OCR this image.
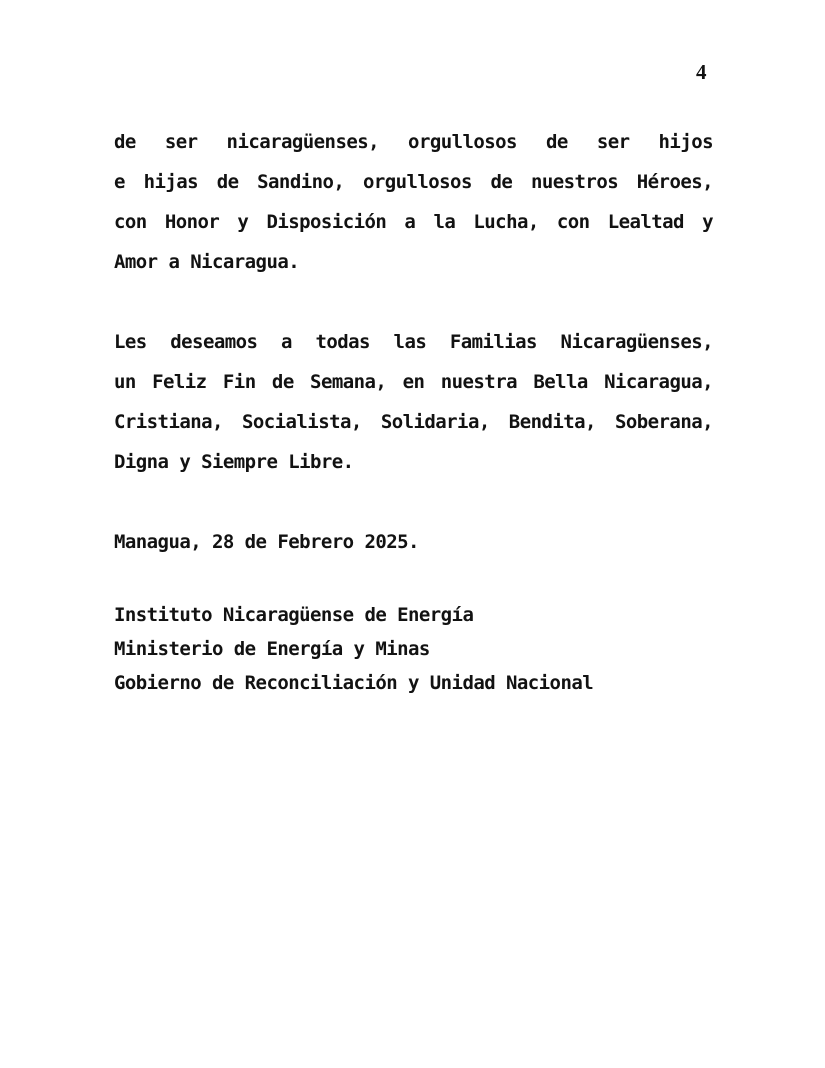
4
de ser nicaragüenses, orgullosos de ser hijos
e hijas de Sandino, orgullosos de nuestros Héroes,
con Honor y Disposición a la Lucha, con Lealtad y
Amor a Nicaragua.
Les deseamos a todas las Familias Nicaragüenses,
un Feliz Fin de Semana, en nuestra Bella Nicaragua,
Cristiana, Socialista, Solidaria, Bendita, Soberana,
Digna y Siempre Libre.
Managua, 28 de Febrero 2025.
Instituto Nicaragüense de Energía
Ministerio de Energía y Minas
Gobierno de Reconciliación y Unidad Nacional
